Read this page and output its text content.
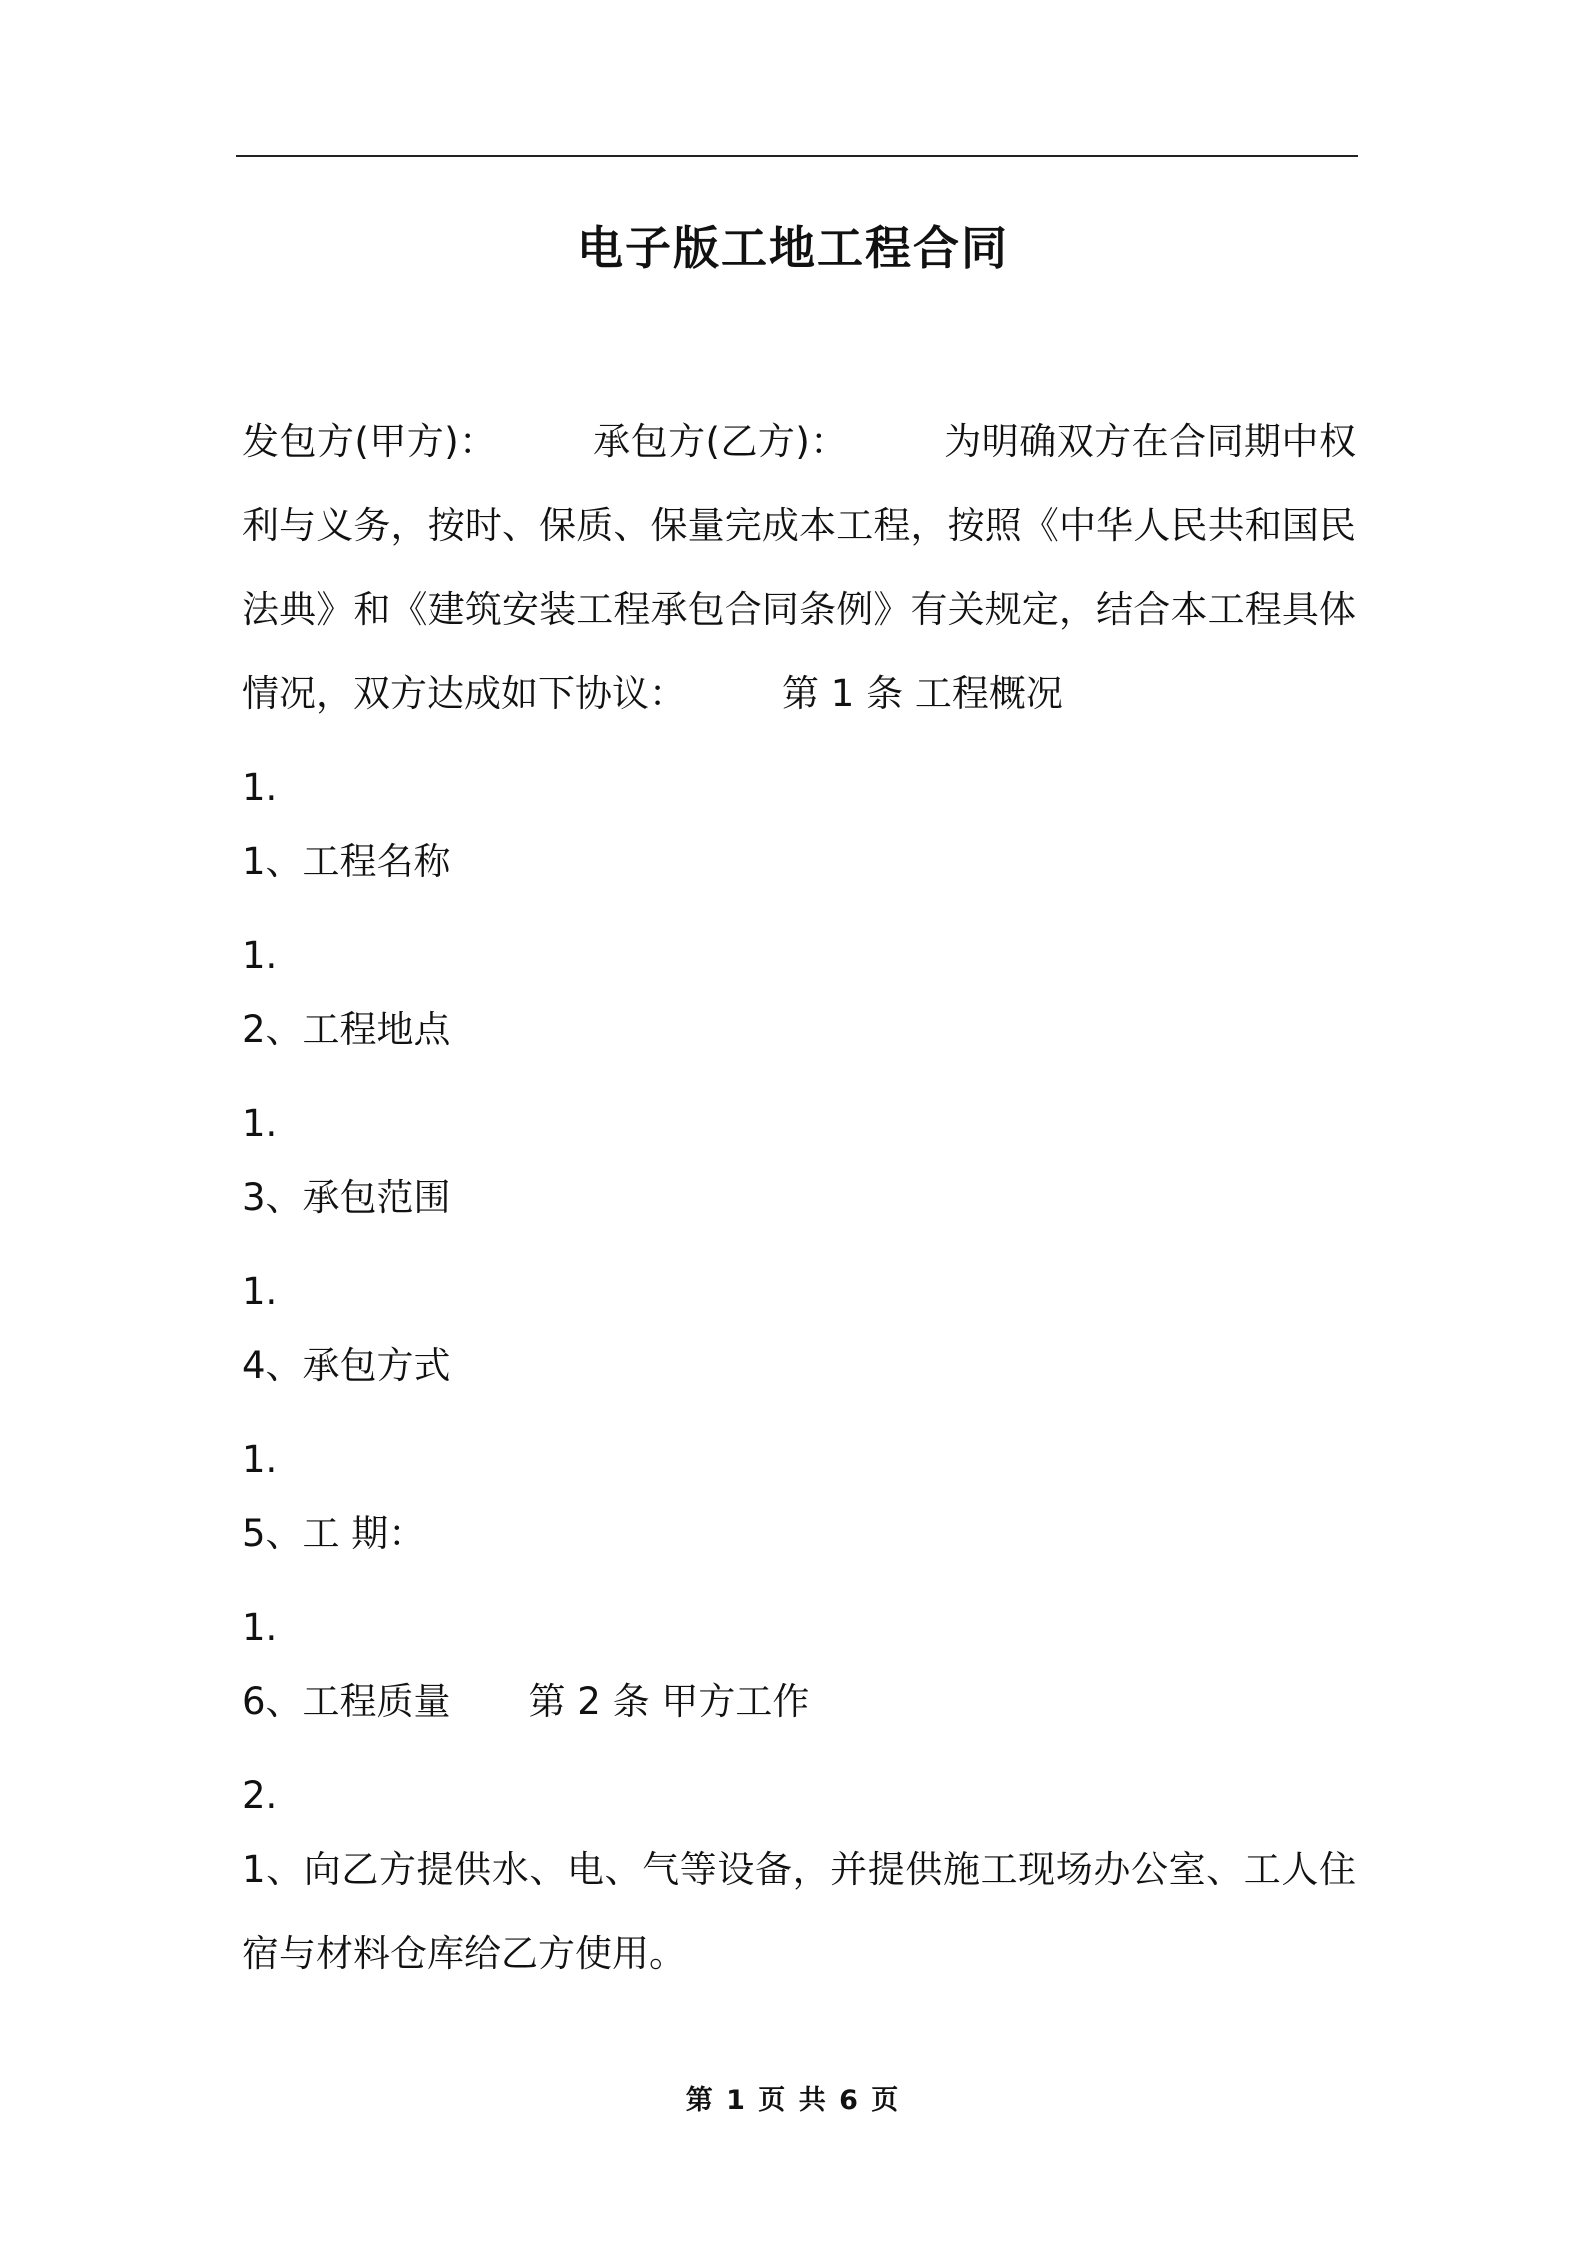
电子版工地工程合同

发包方(甲方)：	承包方(乙方)：	为明确双方在合同期中权利与义务，按时、保质、保量完成本工程，按照《中华人民共和国民法典》和《建筑安装工程承包合同条例》有关规定，结合本工程具体情况，双方达成如下协议：	第 1 条 工程概况

1.

1、工程名称

1.

2、工程地点

1.

3、承包范围

1.

4、承包方式

1.

5、工 期：

1.

6、工程质量 第 2 条 甲方工作

2.

1、向乙方提供水、电、气等设备，并提供施工现场办公室、工人住宿与材料仓库给乙方使用。

第 1 页 共 6 页
